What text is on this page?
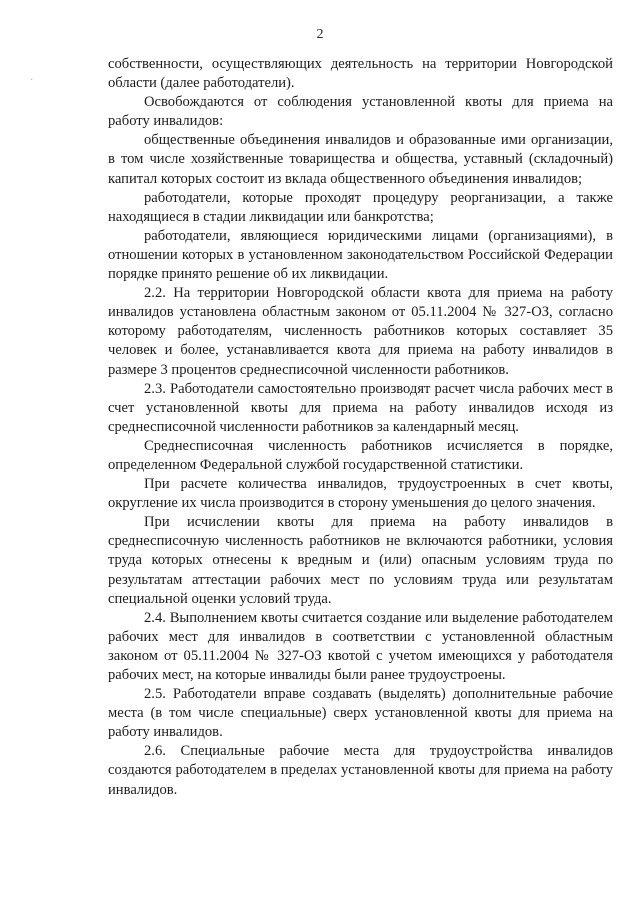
2
·

собственности, осуществляющих деятельность на территории Новгородской области (далее работодатели).

Освобождаются от соблюдения установленной квоты для приема на работу инвалидов:

общественные объединения инвалидов и образованные ими организации, в том числе хозяйственные товарищества и общества, уставный (складочный) капитал которых состоит из вклада общественного объединения инвалидов;

работодатели, которые проходят процедуру реорганизации, а также находящиеся в стадии ликвидации или банкротства;

работодатели, являющиеся юридическими лицами (организациями), в отношении которых в установленном законодательством Российской Федерации порядке принято решение об их ликвидации.

2.2. На территории Новгородской области квота для приема на работу инвалидов установлена областным законом от 05.11.2004 № 327-ОЗ, согласно которому работодателям, численность работников которых составляет 35 человек и более, устанавливается квота для приема на работу инвалидов в размере 3 процентов среднесписочной численности работников.

2.3. Работодатели самостоятельно производят расчет числа рабочих мест в счет установленной квоты для приема на работу инвалидов исходя из среднесписочной численности работников за календарный месяц.

Среднесписочная численность работников исчисляется в порядке, определенном Федеральной службой государственной статистики.

При расчете количества инвалидов, трудоустроенных в счет квоты, округление их числа производится в сторону уменьшения до целого значения.

При исчислении квоты для приема на работу инвалидов в среднесписочную численность работников не включаются работники, условия труда которых отнесены к вредным и (или) опасным условиям труда по результатам аттестации рабочих мест по условиям труда или результатам специальной оценки условий труда.

2.4. Выполнением квоты считается создание или выделение работодателем рабочих мест для инвалидов в соответствии с установленной областным законом от 05.11.2004 № 327-ОЗ квотой с учетом имеющихся у работодателя рабочих мест, на которые инвалиды были ранее трудоустроены.

2.5. Работодатели вправе создавать (выделять) дополнительные рабочие места (в том числе специальные) сверх установленной квоты для приема на работу инвалидов.

2.6. Специальные рабочие места для трудоустройства инвалидов создаются работодателем в пределах установленной квоты для приема на работу инвалидов.
